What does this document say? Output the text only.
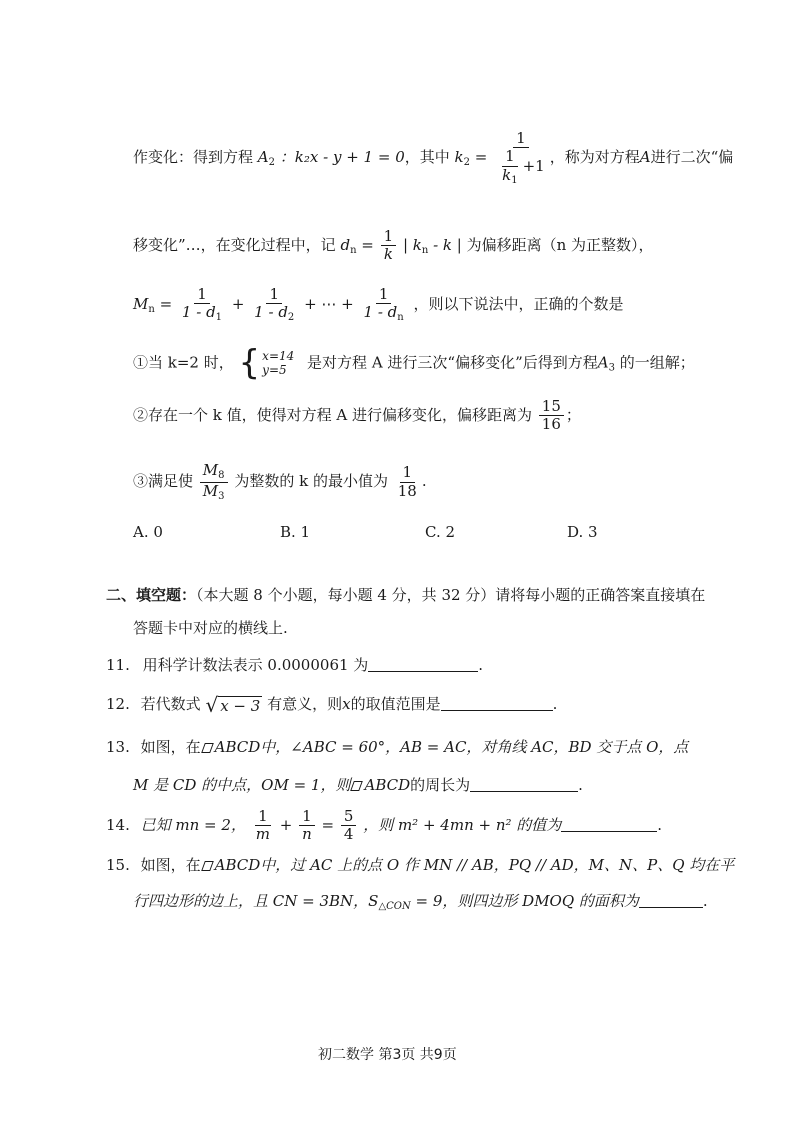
作变化：得到方程 $A_2$ ：k₂x - y + 1 = 0，其中 $k_2 = \frac{1}{\frac{1}{k_1} +1}$ ，称为对方程A进行二次“偏
移变化”…，在变化过程中，记 $d_n = \frac{1}{k}$ | $k_n$ - k | 为偏移距离（n 为正整数），
$M_n = \frac{1}{1 - d_1} + \frac{1}{1 - d_2}$ + ⋯ + $\frac{1}{1 - d_n}$ ，则以下说法中，正确的个数是
①当 k=2 时， { x=14
y=5	是对方程 A 进行三次“偏移变化”后得到方程$A_3$ 的一组解；
②存在一个 k 值，使得对方程 A 进行偏移变化，偏移距离为 $\frac{15}{16}$ ；
③满足使 $\frac{M_8}{M_3}$ 为整数的 k 的最小值为 $\frac{1}{18}$ .
A. 0	B. 1	C. 2	D. 3
二、填空题：（本大题 8 个小题，每小题 4 分，共 32 分）请将每小题的正确答案直接填在
答题卡中对应的横线上.
11. 用科学计数法表示 0.0000061 为	.
12. 若代数式 √ x − 3 有意义，则x的取值范围是	.
13. 如图，在 ABCD中，∠ABC = 60°，AB = AC，对角线 AC，BD 交于点 O，点
M 是 CD 的中点，OM = 1，则 ABCD的周长为	.
14. 已知 mn = 2， $\frac{1}{m} + \frac{1}{n} = \frac{5}{4}$ ，则 m² + 4mn + n² 的值为	.
15. 如图，在 ABCD中，过 AC 上的点 O 作 MN // AB，PQ // AD，M、N、P、Q 均在平
行四边形的边上，且 CN = 3BN，$S_{\triangle CON} = 9$，则四边形 DMOQ 的面积为	.
初二数学 第3页 共9页
